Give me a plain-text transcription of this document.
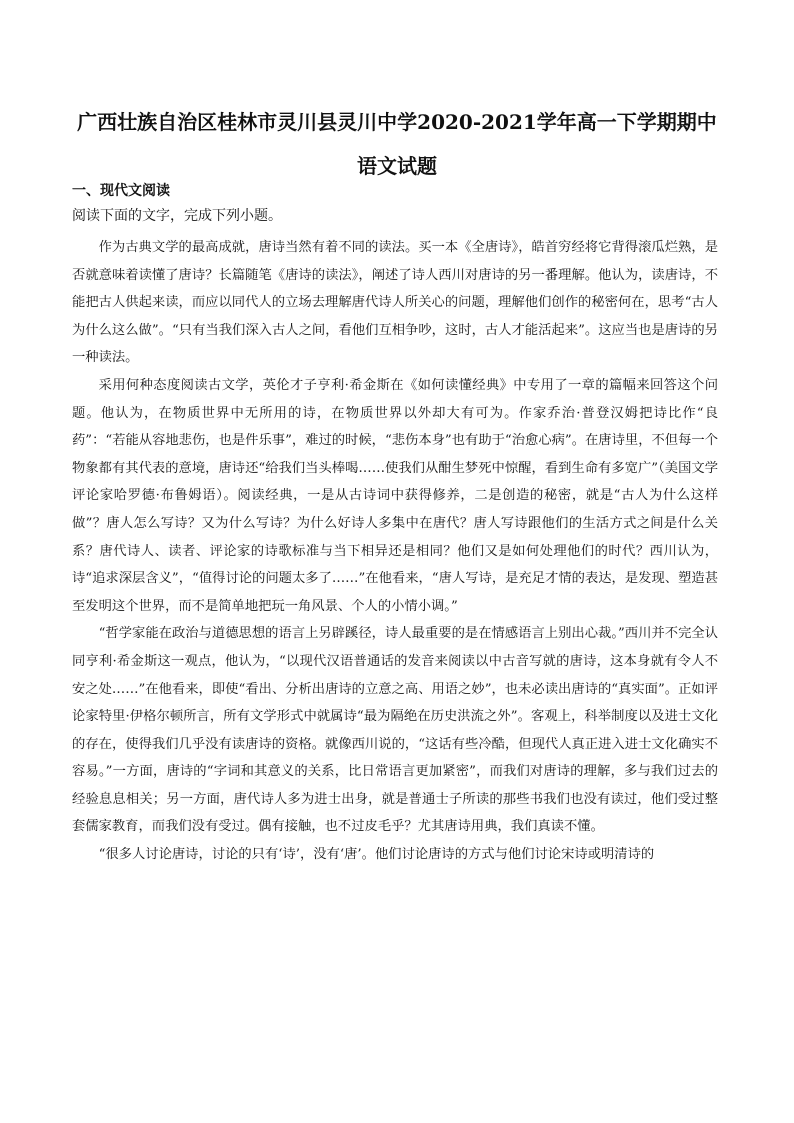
广西壮族自治区桂林市灵川县灵川中学2020-2021学年高一下学期期中语文试题
一、现代文阅读
阅读下面的文字，完成下列小题。

作为古典文学的最高成就，唐诗当然有着不同的读法。买一本《全唐诗》，皓首穷经将它背得滚瓜烂熟，是否就意味着读懂了唐诗？长篇随笔《唐诗的读法》，阐述了诗人西川对唐诗的另一番理解。他认为，读唐诗，不能把古人供起来读，而应以同代人的立场去理解唐代诗人所关心的问题，理解他们创作的秘密何在，思考“古人为什么这么做”。“只有当我们深入古人之间，看他们互相争吵，这时，古人才能活起来”。这应当也是唐诗的另一种读法。

采用何种态度阅读古文学，英伦才子亨利·希金斯在《如何读懂经典》中专用了一章的篇幅来回答这个问题。他认为，在物质世界中无所用的诗，在物质世界以外却大有可为。作家乔治·普登汉姆把诗比作“良药”：“若能从容地悲伤，也是件乐事”，难过的时候，“悲伤本身”也有助于“治愈心病”。在唐诗里，不但每一个物象都有其代表的意境，唐诗还“给我们当头棒喝……使我们从酣生梦死中惊醒，看到生命有多宽广”（美国文学评论家哈罗德·布鲁姆语）。阅读经典，一是从古诗词中获得修养，二是创造的秘密，就是“古人为什么这样做”？唐人怎么写诗？又为什么写诗？为什么好诗人多集中在唐代？唐人写诗跟他们的生活方式之间是什么关系？唐代诗人、读者、评论家的诗歌标准与当下相异还是相同？他们又是如何处理他们的时代？西川认为，诗“追求深层含义”，“值得讨论的问题太多了……”在他看来，“唐人写诗，是充足才情的表达，是发现、塑造甚至发明这个世界，而不是简单地把玩一角风景、个人的小情小调。”

“哲学家能在政治与道德思想的语言上另辟蹊径，诗人最重要的是在情感语言上别出心裁。”西川并不完全认同亨利·希金斯这一观点，他认为，“以现代汉语普通话的发音来阅读以中古音写就的唐诗，这本身就有令人不安之处……”在他看来，即使“看出、分析出唐诗的立意之高、用语之妙”，也未必读出唐诗的“真实面”。正如评论家特里·伊格尔顿所言，所有文学形式中就属诗“最为隔绝在历史洪流之外”。客观上，科举制度以及进士文化的存在，使得我们几乎没有读唐诗的资格。就像西川说的，“这话有些冷酷，但现代人真正进入进士文化确实不容易。”一方面，唐诗的“字词和其意义的关系，比日常语言更加紧密”，而我们对唐诗的理解，多与我们过去的经验息息相关；另一方面，唐代诗人多为进士出身，就是普通士子所读的那些书我们也没有读过，他们受过整套儒家教育，而我们没有受过。偶有接触，也不过皮毛乎？尤其唐诗用典，我们真读不懂。

“很多人讨论唐诗，讨论的只有‘诗’，没有‘唐’。他们讨论唐诗的方式与他们讨论宋诗或明清诗的
